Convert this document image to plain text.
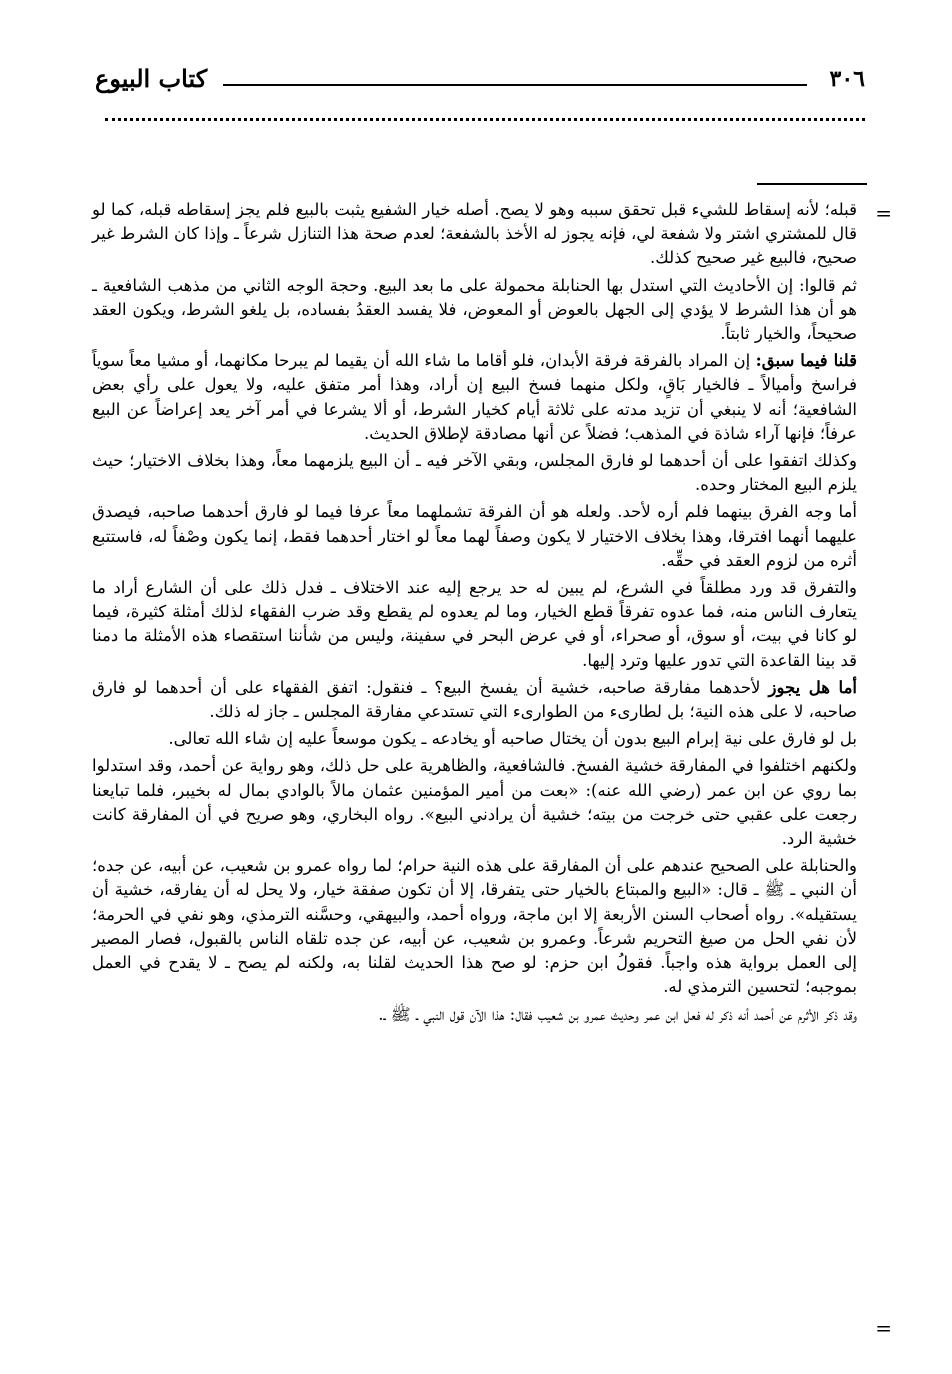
٣٠٦
كتاب البيوع
=
=

قبله؛ لأنه إسقاط للشيء قبل تحقق سببه وهو لا يصح. أصله خيار الشفيع يثبت بالبيع فلم يجز إسقاطه قبله، كما لو قال للمشتري اشتر ولا شفعة لي، فإنه يجوز له الأخذ بالشفعة؛ لعدم صحة هذا التنازل شرعاً ـ وإذا كان الشرط غير صحيح، فالبيع غير صحيح كذلك.

ثم قالوا: إن الأحاديث التي استدل بها الحنابلة محمولة على ما بعد البيع. وحجة الوجه الثاني من مذهب الشافعية ـ هو أن هذا الشرط لا يؤدي إلى الجهل بالعوض أو المعوض، فلا يفسد العقدُ بفساده، بل يلغو الشرط، ويكون العقد صحيحاً، والخيار ثابتاً.

قلنا فيما سبق: إن المراد بالفرقة فرقة الأبدان، فلو أقاما ما شاء الله أن يقيما لم يبرحا مكانهما، أو مشيا معاً سوياً فراسخ وأميالاً ـ فالخيار بَاقٍ، ولكل منهما فسخ البيع إن أراد، وهذا أمر متفق عليه، ولا يعول على رأي بعض الشافعية؛ أنه لا ينبغي أن تزيد مدته على ثلاثة أيام كخيار الشرط، أو ألا يشرعا في أمر آخر يعد إعراضاً عن البيع عرفاً؛ فإنها آراء شاذة في المذهب؛ فضلاً عن أنها مصادقة لإطلاق الحديث.

وكذلك اتفقوا على أن أحدهما لو فارق المجلس، وبقي الآخر فيه ـ أن البيع يلزمهما معاً، وهذا بخلاف الاختيار؛ حيث يلزم البيع المختار وحده.

أما وجه الفرق بينهما فلم أره لأحد. ولعله هو أن الفرقة تشملهما معاً عرفا فيما لو فارق أحدهما صاحبه، فيصدق عليهما أنهما افترقا، وهذا بخلاف الاختيار لا يكون وصفاً لهما معاً لو اختار أحدهما فقط، إنما يكون وصْفاً له، فاستتبع أثره من لزوم العقد في حقِّه.

والتفرق قد ورد مطلقاً في الشرع، لم يبين له حد يرجع إليه عند الاختلاف ـ فدل ذلك على أن الشارع أراد ما يتعارف الناس منه، فما عدوه تفرقاً قطع الخيار، وما لم يعدوه لم يقطع وقد ضرب الفقهاء لذلك أمثلة كثيرة، فيما لو كانا في بيت، أو سوق، أو صحراء، أو في عرض البحر في سفينة، وليس من شأننا استقصاء هذه الأمثلة ما دمنا قد بينا القاعدة التي تدور عليها وترد إليها.

أما هل يجوز لأحدهما مفارقة صاحبه، خشية أن يفسخ البيع؟ ـ فنقول: اتفق الفقهاء على أن أحدهما لو فارق صاحبه، لا على هذه النية؛ بل لطارىء من الطوارىء التي تستدعي مفارقة المجلس ـ جاز له ذلك.

بل لو فارق على نية إبرام البيع بدون أن يختال صاحبه أو يخادعه ـ يكون موسعاً عليه إن شاء الله تعالى.

ولكنهم اختلفوا في المفارقة خشية الفسخ. فالشافعية، والظاهرية على حل ذلك، وهو رواية عن أحمد، وقد استدلوا بما روي عن ابن عمر (رضي الله عنه): «بعت من أمير المؤمنين عثمان مالاً بالوادي بمال له بخيبر، فلما تبايعنا رجعت على عقبي حتى خرجت من بيته؛ خشية أن يرادني البيع». رواه البخاري، وهو صريح في أن المفارقة كانت خشية الرد.

والحنابلة على الصحيح عندهم على أن المفارقة على هذه النية حرام؛ لما رواه عمرو بن شعيب، عن أبيه، عن جده؛ أن النبي ـ ﷺ ـ قال: «البيع والمبتاع بالخيار حتى يتفرقا، إلا أن تكون صفقة خيار، ولا يحل له أن يفارقه، خشية أن يستقيله». رواه أصحاب السنن الأربعة إلا ابن ماجة، ورواه أحمد، والبيهقي، وحسَّنه الترمذي، وهو نفي في الحرمة؛ لأن نفي الحل من صيغ التحريم شرعاً. وعمرو بن شعيب، عن أبيه، عن جده تلقاه الناس بالقبول، فصار المصير إلى العمل برواية هذه واجباً. فقولُ ابن حزم: لو صح هذا الحديث لقلنا به، ولكنه لم يصح ـ لا يقدح في العمل بموجبه؛ لتحسين الترمذي له.

وقد ذكر الأثرم عن أحمد أنه ذكر له فعل ابن عمر وحديث عمرو بن شعيب فقال: هذا الآن قول النبي ـ ﷺ ـ.
